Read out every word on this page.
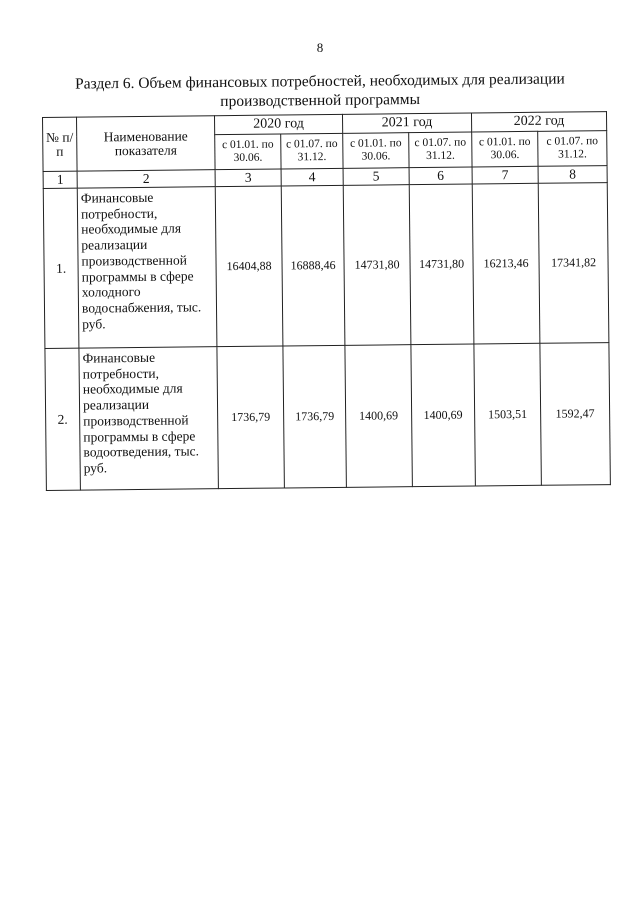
8
Раздел 6. Объем финансовых потребностей, необходимых для реализации
производственной программы
№ п/п	Наименование показателя	2020 год		2021 год		2022 год	
		с 01.01. по 30.06.	с 01.07. по 31.12.	с 01.01. по 30.06.	с 01.07. по 31.12.	с 01.01. по 30.06.	с 01.07. по 31.12.
1	2	3	4	5	6	7	8
1.	Финансовые потребности, необходимые для реализации производственной программы в сфере холодного водоснабжения, тыс. руб.	16404,88	16888,46	14731,80	14731,80	16213,46	17341,82
2.	Финансовые потребности, необходимые для реализации производственной программы в сфере водоотведения, тыс. руб.	1736,79	1736,79	1400,69	1400,69	1503,51	1592,47
